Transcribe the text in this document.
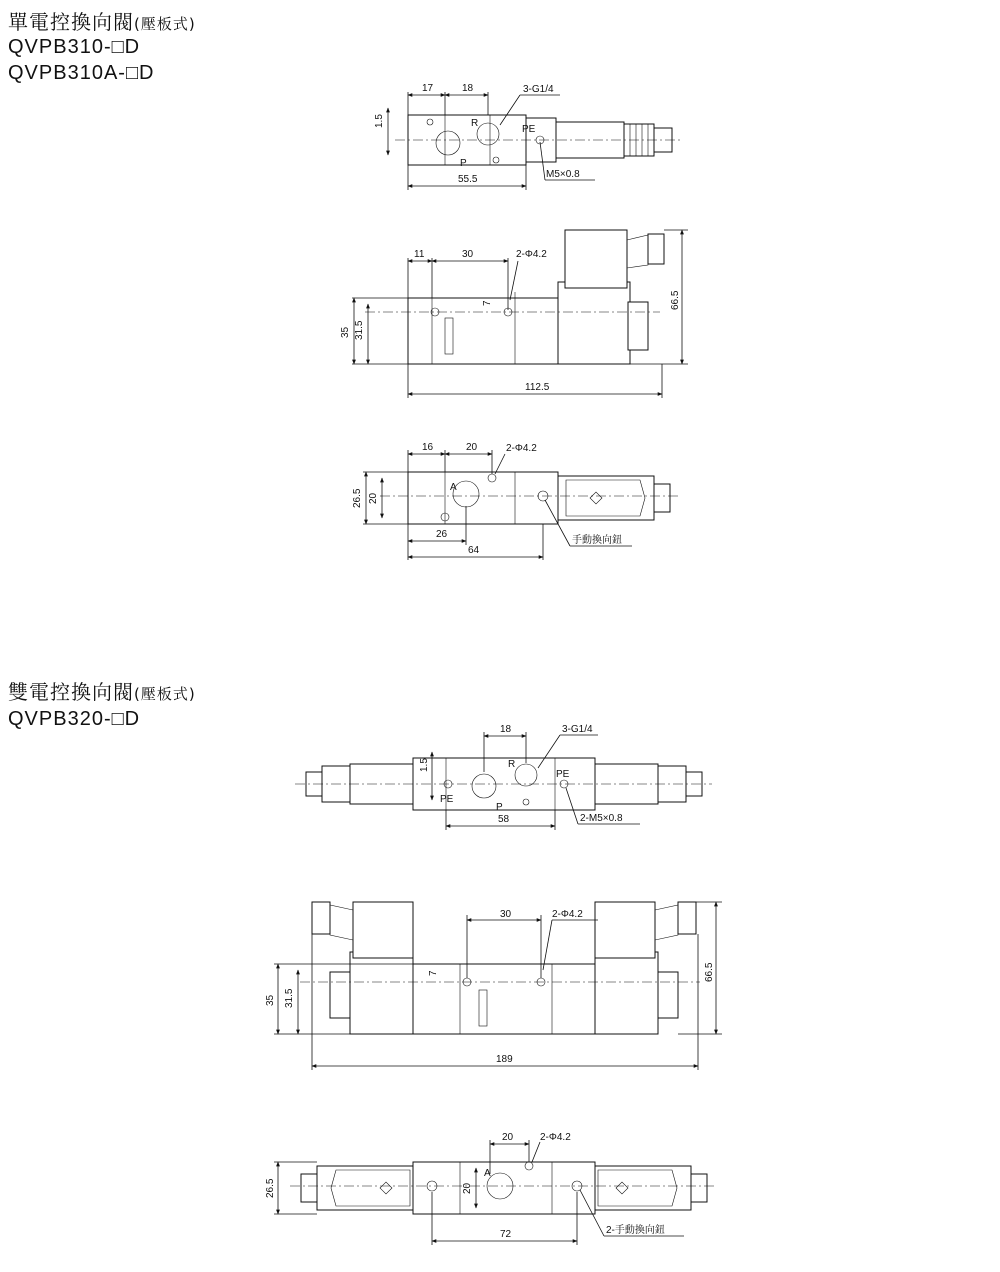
單電控換向閥(壓板式)
QVPB310-□D
QVPB310A-□D
雙電控換向閥(壓板式)
QVPB320-□D
17	18	3-G1/4
55.5
1.5
M5×0.8
R
P
PE
11	30	2-Φ4.2
7
35 31.5
112.5
66.5
16	20	2-Φ4.2
26.5 20
26
64
A
手動換向鈕
18	3-G1/4
1.5
58	2-M5×0.8
R
P
PE
PE
30	2-Φ4.2
7
35 31.5
189
66.5
20	2-Φ4.2
26.5	20
72
A
2-手動換向鈕
